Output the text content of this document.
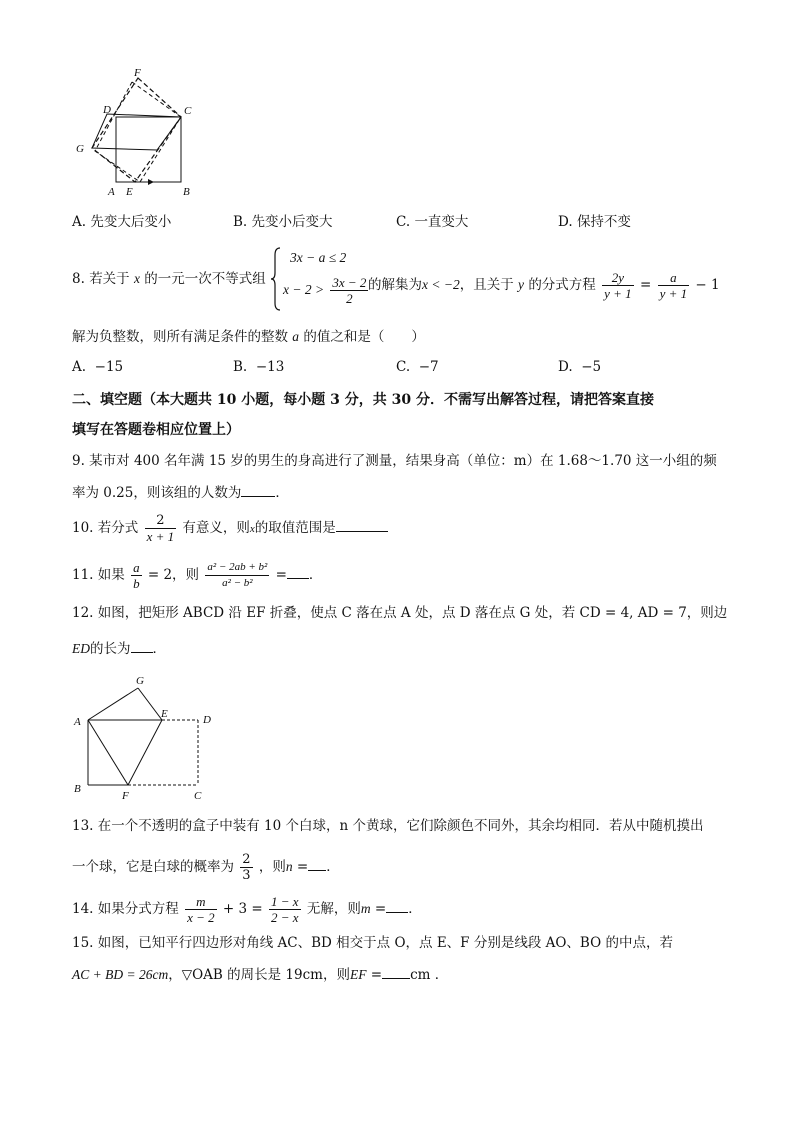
F
D	C
G
A E	B
A. 先变大后变小	B. 先变小后变大	C. 一直变大	D. 保持不变
8. 若关于 x 的一元一次不等式组
3x − a ≤ 2
$x - 2 > \frac{3x - 2}{2}$ 的解集为x < −2，且关于 y 的分式方程 $\frac{2y}{y + 1} = \frac{a}{y + 1} - 1$
解为负整数，则所有满足条件的整数 a 的值之和是（　　）
A. −15	B. −13	C. −7	D. −5
二、填空题（本大题共 10 小题，每小题 3 分，共 30 分．不需写出解答过程，请把答案直接
填写在答题卷相应位置上）
9. 某市对 400 名年满 15 岁的男生的身高进行了测量，结果身高（单位：m）在 1.68～1.70 这一小组的频
率为 0.25，则该组的人数为	．
10. 若分式 $\frac{2}{x + 1}$ 有意义，则x的取值范围是
11. 如果 $\frac{a}{b} = 2$，则 $\frac{\text{a² − 2ab + b²}}{\text{a² − b²}}$ = ．
12. 如图，把矩形 ABCD 沿 EF 折叠，使点 C 落在点 A 处，点 D 落在点 G 处，若 CD = 4, AD = 7，则边
ED的长为 ．
G
E	D
A
B
F	C
13. 在一个不透明的盒子中装有 10 个白球，n 个黄球，它们除颜色不同外，其余均相同．若从中随机摸出
一个球，它是白球的概率为 $\frac{2}{3}$ ，则n = ．
14. 如果分式方程 $\frac{m}{x - 2} + 3 = \frac{1 - x}{2 - x}$ 无解，则m = ．
15. 如图，已知平行四边形对角线 AC、BD 相交于点 O，点 E、F 分别是线段 AO、BO 的中点，若
AC + BD = 26cm，▽OAB 的周长是 19cm，则EF = cm ．
